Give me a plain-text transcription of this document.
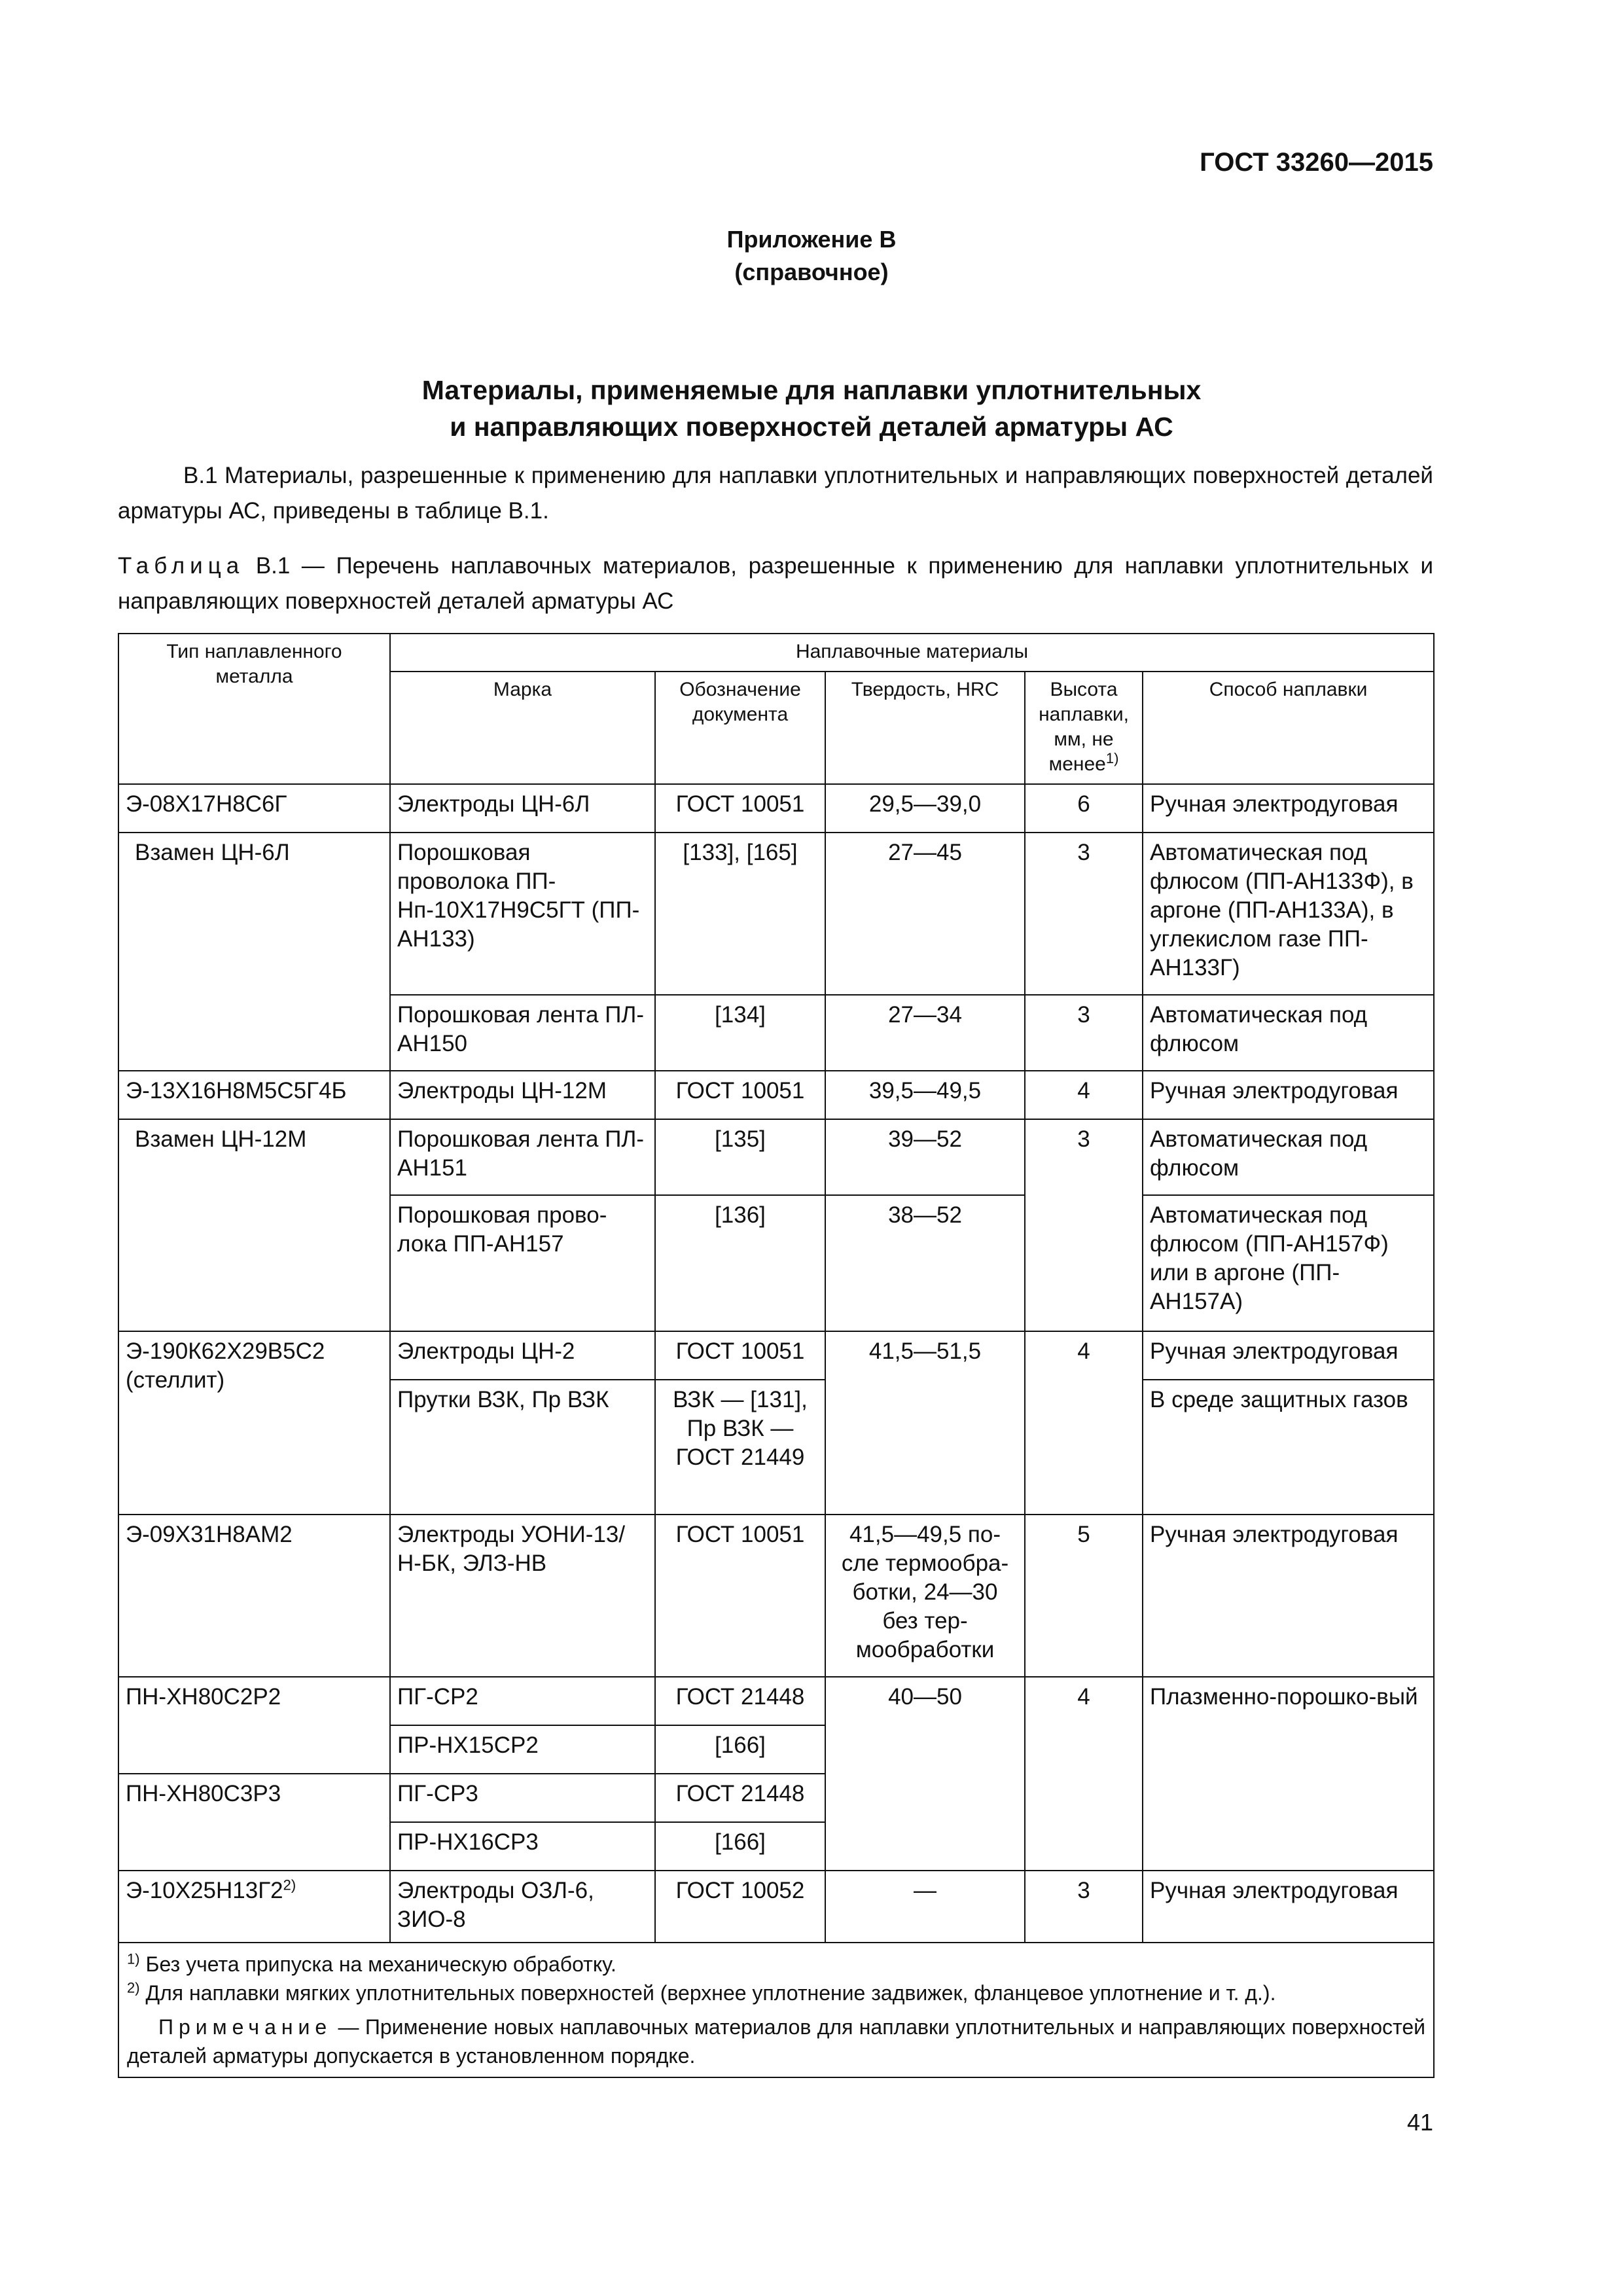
ГОСТ 33260—2015
Приложение В
(справочное)
Материалы, применяемые для наплавки уплотнительных
и направляющих поверхностей деталей арматуры АС
В.1 Материалы, разрешенные к применению для наплавки уплотнительных и направляющих поверхностей деталей арматуры АС, приведены в таблице В.1.
Таблица В.1 — Перечень наплавочных материалов, разрешенные к применению для наплавки уплотнительных и направляющих поверхностей деталей арматуры АС
Тип наплавленного металла	Наплавочные материалы				
	Марка	Обозначение документа	Твердость, HRC	Высота наплавки, мм, не менее$^{1)}$	Способ наплавки
Э-08Х17Н8С6Г	Электроды ЦН-6Л	ГОСТ 10051	29,5—39,0	6	Ручная электродуговая
Взамен ЦН-6Л	Порошковая проволока ПП-Нп-10Х17Н9С5ГТ (ПП-АН133)	[133], [165]	27—45	3	Автоматическая под флюсом (ПП-АН133Ф), в аргоне (ПП-АН133А), в углекислом газе ПП-АН133Г)
	Порошковая лента ПЛ-АН150	[134]	27—34	3	Автоматическая под флюсом
Э-13Х16Н8М5С5Г4Б	Электроды ЦН-12М	ГОСТ 10051	39,5—49,5	4	Ручная электродуговая
Взамен ЦН-12М	Порошковая лента ПЛ-АН151	[135]	39—52	3	Автоматическая под флюсом
	Порошковая прово-лока ПП-АН157	[136]	38—52		Автоматическая под флюсом (ПП-АН157Ф) или в аргоне (ПП-АН157А)
Э-190К62Х29В5С2 (стеллит)	Электроды ЦН-2	ГОСТ 10051	41,5—51,5	4	Ручная электродуговая
	Прутки ВЗК, Пр ВЗК	ВЗК — [131], Пр ВЗК — ГОСТ 21449			В среде защитных газов
Э-09Х31Н8АМ2	Электроды УОНИ-13/ Н-БК, ЭЛЗ-НВ	ГОСТ 10051	41,5—49,5 по-сле термообра-ботки, 24—30 без тер-мообработки	5	Ручная электродуговая
ПН-ХН80С2Р2	ПГ-СР2	ГОСТ 21448	40—50	4	Плазменно-порошко-вый
	ПР-НХ15СР2	[166]			
ПН-ХН80С3Р3	ПГ-СР3	ГОСТ 21448			
	ПР-НХ16СР3	[166]			
Э-10Х25Н13Г2$^{2)}$	Электроды ОЗЛ-6, ЗИО-8	ГОСТ 10052	—	3	Ручная электродуговая

$^{1)}$ Без учета припуска на механическую обработку.
$^{2)}$ Для наплавки мягких уплотнительных поверхностей (верхнее уплотнение задвижек, фланцевое уплотнение и т. д.).
Примечание — Применение новых наплавочных материалов для наплавки уплотнительных и направляющих поверхностей деталей арматуры допускается в установленном порядке.					
41
